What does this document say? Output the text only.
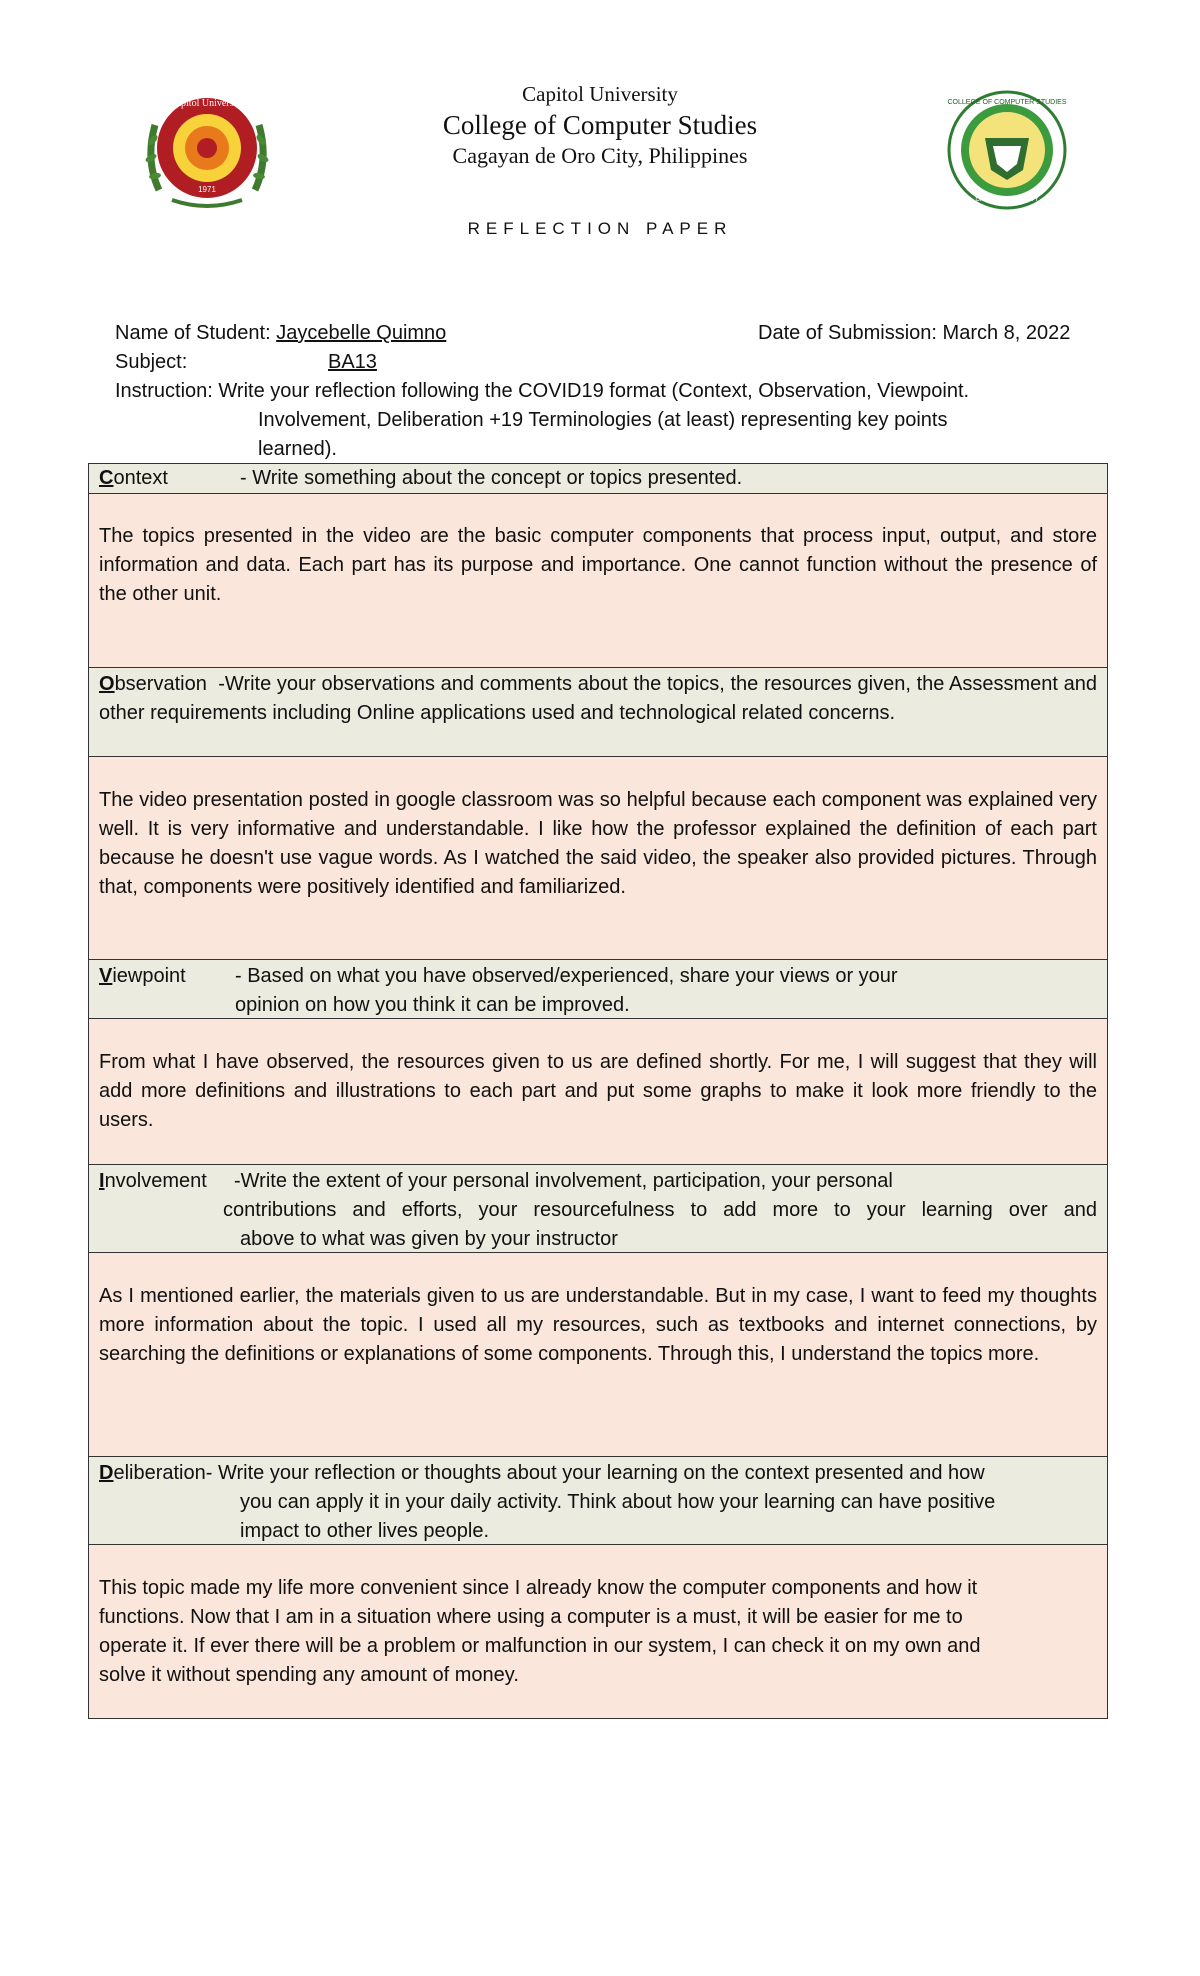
Capitol University
1971
Capitol University
College of Computer Studies
Cagayan de Oro City, Philippines
COLLEGE OF COMPUTER STUDIES
CAPITOL UNIVERSITY
REFLECTION PAPER
Name of Student: Jaycebelle Quimno	Date of Submission: March 8, 2022
Subject:	BA13
Instruction: Write your reflection following the COVID19 format (Context, Observation, Viewpoint.
Involvement, Deliberation +19 Terminologies (at least) representing key points
learned).
Context	- Write something about the concept or topics presented.
The topics presented in the video are the basic computer components that process input, output, and store information and data. Each part has its purpose and importance. One cannot function without the presence of the other unit.
Observation -Write your observations and comments about the topics, the resources given, the Assessment and other requirements including Online applications used and technological related concerns.
The video presentation posted in google classroom was so helpful because each component was explained very well. It is very informative and understandable. I like how the professor explained the definition of each part because he doesn't use vague words. As I watched the said video, the speaker also provided pictures. Through that, components were positively identified and familiarized.
Viewpoint - Based on what you have observed/experienced, share your views or your
opinion on how you think it can be improved.
From what I have observed, the resources given to us are defined shortly. For me, I will suggest that they will add more definitions and illustrations to each part and put some graphs to make it look more friendly to the users.
Involvement -Write the extent of your personal involvement, participation, your personal
contributions and efforts, your resourcefulness to add more to your learning over and
above to what was given by your instructor
As I mentioned earlier, the materials given to us are understandable. But in my case, I want to feed my thoughts more information about the topic. I used all my resources, such as textbooks and internet connections, by searching the definitions or explanations of some components. Through this, I understand the topics more.
Deliberation- Write your reflection or thoughts about your learning on the context presented and how
you can apply it in your daily activity. Think about how your learning can have positive
impact to other lives people.
This topic made my life more convenient since I already know the computer components and how it
functions. Now that I am in a situation where using a computer is a must, it will be easier for me to
operate it. If ever there will be a problem or malfunction in our system, I can check it on my own and
solve it without spending any amount of money.
